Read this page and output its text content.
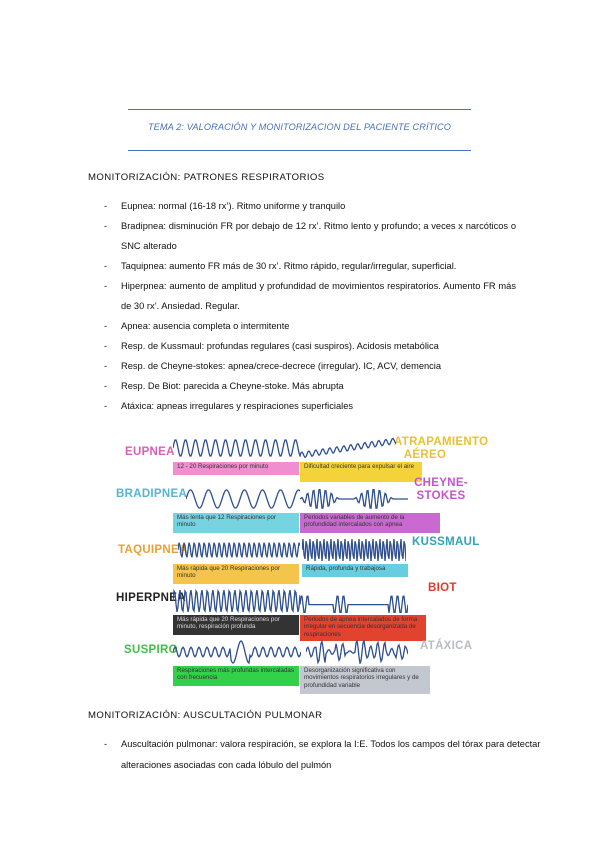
TEMA 2: VALORACIÓN Y MONITORIZACION DEL PACIENTE CRÍTICO
MONITORIZACIÓN: PATRONES RESPIRATORIOS
- Eupnea: normal (16-18 rx’). Ritmo uniforme y tranquilo
- Bradipnea: disminución FR por debajo de 12 rx’. Ritmo lento y profundo; a veces x narcóticos o SNC alterado
- Taquipnea: aumento FR más de 30 rx’. Ritmo rápido, regular/irregular, superficial.
- Hiperpnea: aumento de amplitud y profundidad de movimientos respiratorios. Aumento FR más de 30 rx’. Ansiedad. Regular.
- Apnea: ausencia completa o intermitente
- Resp. de Kussmaul: profundas regulares (casi suspiros). Acidosis metabólica
- Resp. de Cheyne-stokes: apnea/crece-decrece (irregular). IC, ACV, demencia
- Resp. De Biot: parecida a Cheyne-stoke. Más abrupta
- Atáxica: apneas irregulares y respiraciones superficiales
EUPNEA
12 - 20 Respiraciones por minuto
BRADIPNEA
Más lenta que 12 Respiraciones por minuto
TAQUIPNEA
Más rápida que 20 Respiraciones por minuto
HIPERPNEA
Más rápida que 20 Respiraciones por minuto, respiración profunda
SUSPIRO
Respiraciones más profundas intercaladas con frecuencia
ATRAPAMIENTO AÉREO
Dificultad creciente para expulsar el aire
CHEYNE- STOKES
Periodos variables de aumento de la profundidad intercalados con apnea
KUSSMAUL
Rápida, profunda y trabajosa
BIOT
Periodos de apnea intercalados de forma irregular en secuencia desorganizada de respiraciones
ATÁXICA
Desorganización significativa con movimientos respiratorios irregulares y de profundidad variable
MONITORIZACIÓN: AUSCULTACIÓN PULMONAR
- Auscultación pulmonar: valora respiración, se explora la I:E. Todos los campos del tórax para detectar alteraciones asociadas con cada lóbulo del pulmón
